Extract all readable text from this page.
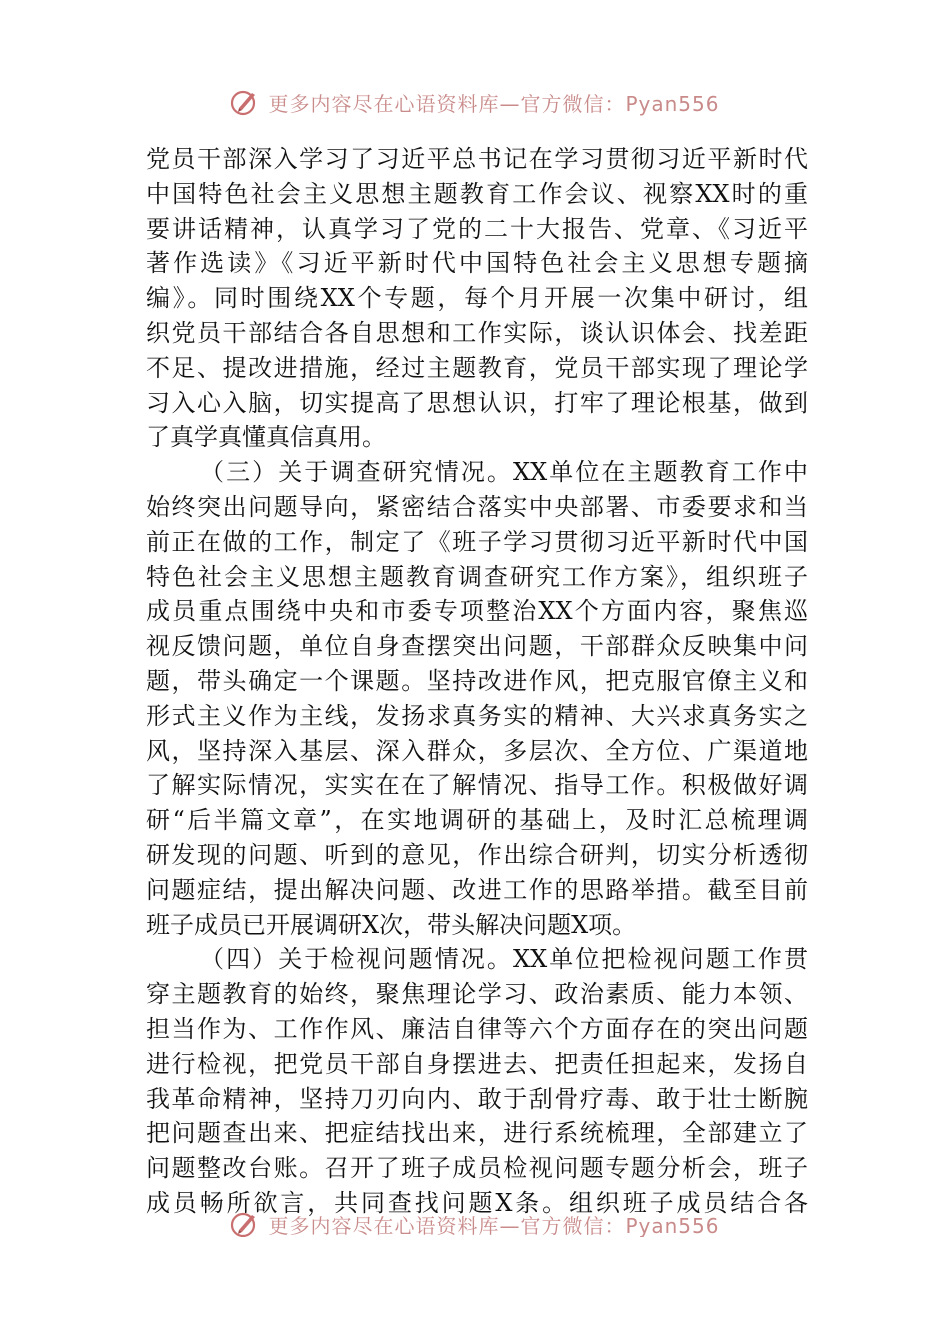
更多内容尽在心语资料库—官方微信：Pyan556
党员干部深入学习了习近平总书记在学习贯彻习近平新时代
中国特色社会主义思想主题教育工作会议、视察XX时的重
要讲话精神，认真学习了党的二十大报告、党章、《习近平
著作选读》《习近平新时代中国特色社会主义思想专题摘
编》。同时围绕XX个专题，每个月开展一次集中研讨，组
织党员干部结合各自思想和工作实际，谈认识体会、找差距
不足、提改进措施，经过主题教育，党员干部实现了理论学
习入心入脑，切实提高了思想认识，打牢了理论根基，做到
了真学真懂真信真用。
（三）关于调查研究情况。XX单位在主题教育工作中
始终突出问题导向，紧密结合落实中央部署、市委要求和当
前正在做的工作，制定了《班子学习贯彻习近平新时代中国
特色社会主义思想主题教育调查研究工作方案》，组织班子
成员重点围绕中央和市委专项整治XX个方面内容，聚焦巡
视反馈问题，单位自身查摆突出问题，干部群众反映集中问
题，带头确定一个课题。坚持改进作风，把克服官僚主义和
形式主义作为主线，发扬求真务实的精神、大兴求真务实之
风，坚持深入基层、深入群众，多层次、全方位、广渠道地
了解实际情况，实实在在了解情况、指导工作。积极做好调
研“后半篇文章”，在实地调研的基础上，及时汇总梳理调
研发现的问题、听到的意见，作出综合研判，切实分析透彻
问题症结，提出解决问题、改进工作的思路举措。截至目前
班子成员已开展调研X次，带头解决问题X项。
（四）关于检视问题情况。XX单位把检视问题工作贯
穿主题教育的始终，聚焦理论学习、政治素质、能力本领、
担当作为、工作作风、廉洁自律等六个方面存在的突出问题
进行检视，把党员干部自身摆进去、把责任担起来，发扬自
我革命精神，坚持刀刃向内、敢于刮骨疗毒、敢于壮士断腕
把问题查出来、把症结找出来，进行系统梳理，全部建立了
问题整改台账。召开了班子成员检视问题专题分析会，班子
成员畅所欲言，共同查找问题X条。组织班子成员结合各
更多内容尽在心语资料库—官方微信：Pyan556
